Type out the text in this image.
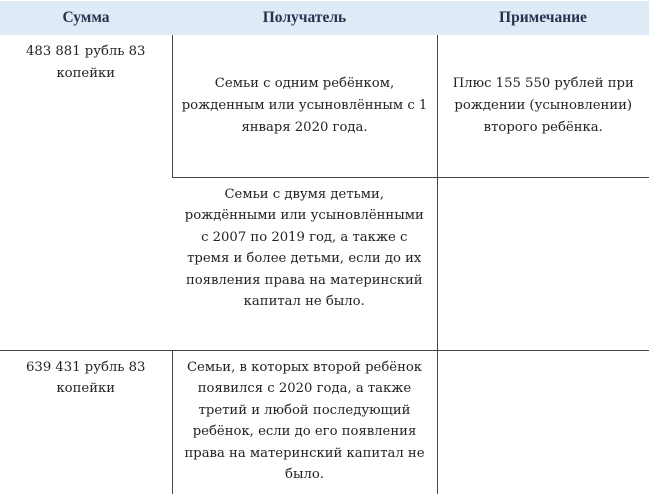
Сумма	Получатель	Примечание
483 881 рубль 83 копейки	Семьи с одним ребёнком, рожденным или усыновлённым с 1 января 2020 года.	Плюс 155 550 рублей при рождении (усыновлении) второго ребёнка.
	Семьи с двумя детьми, рождёнными или усыновлёнными с 2007 по 2019 год, а также с тремя и более детьми, если до их появления права на материнский капитал не было.	
639 431 рубль 83 копейки	Семьи, в которых второй ребёнок появился с 2020 года, а также третий и любой последующий ребёнок, если до его появления права на материнский капитал не было.	
